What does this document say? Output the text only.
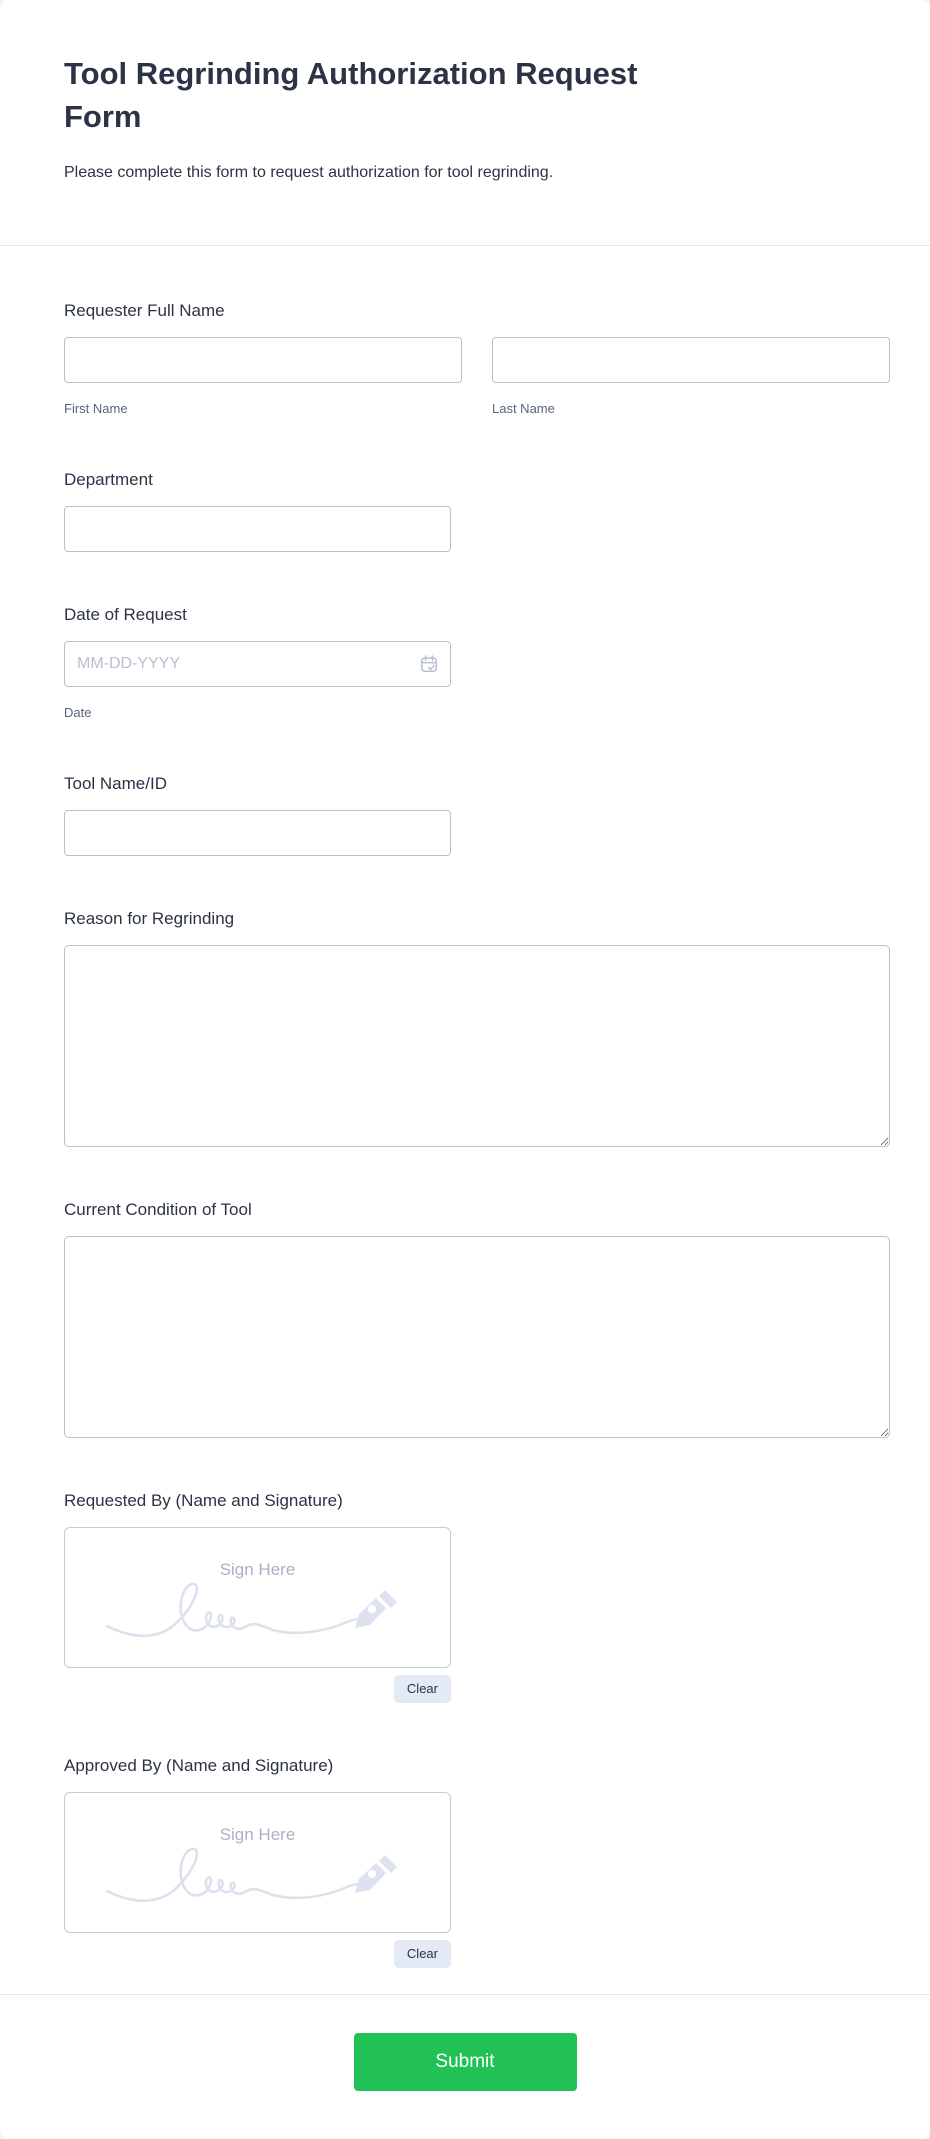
Tool Regrinding Authorization Request
Form
Please complete this form to request authorization for tool regrinding.
Requester Full Name
First Name	Last Name
Department
Date of Request
MM-DD-YYYY
Date
Tool Name/ID
Reason for Regrinding
Current Condition of Tool
Requested By (Name and Signature)
Sign Here
Clear
Approved By (Name and Signature)
Sign Here
Clear
Submit
